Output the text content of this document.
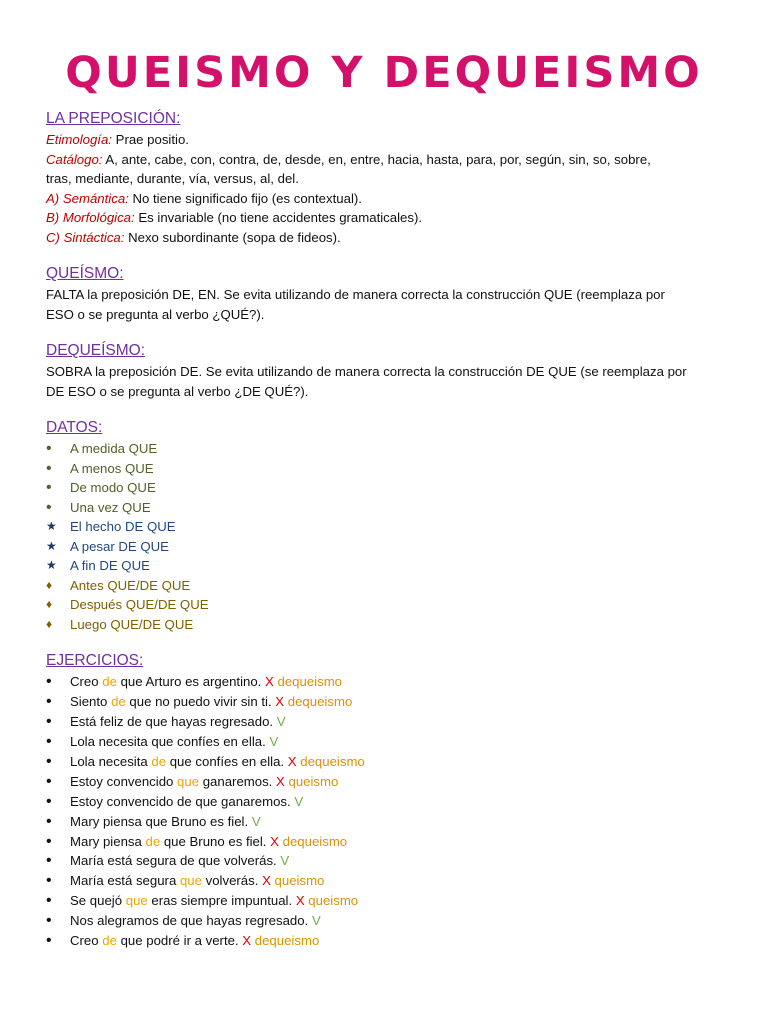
QUEISMO Y DEQUEISMO
LA PREPOSICIÓN:
Etimología: Prae positio.
Catálogo: A, ante, cabe, con, contra, de, desde, en, entre, hacia, hasta, para, por, según, sin, so, sobre,
tras, mediante, durante, vía, versus, al, del.
A) Semántica: No tiene significado fijo (es contextual).
B) Morfológica: Es invariable (no tiene accidentes gramaticales).
C) Sintáctica: Nexo subordinante (sopa de fideos).
QUEÍSMO:
FALTA la preposición DE, EN. Se evita utilizando de manera correcta la construcción QUE (reemplaza por
ESO o se pregunta al verbo ¿QUÉ?).
DEQUEÍSMO:
SOBRA la preposición DE. Se evita utilizando de manera correcta la construcción DE QUE (se reemplaza por
DE ESO o se pregunta al verbo ¿DE QUÉ?).
DATOS:
•	A medida QUE
•	A menos QUE
•	De modo QUE
•	Una vez QUE
★ El hecho DE QUE
★ A pesar DE QUE
★ A fin DE QUE
♦	Antes QUE/DE QUE
♦	Después QUE/DE QUE
♦	Luego QUE/DE QUE
EJERCICIOS:
•	Creo de que Arturo es argentino. X dequeismo
•	Siento de que no puedo vivir sin ti. X dequeismo
•	Está feliz de que hayas regresado. V
•	Lola necesita que confíes en ella. V
•	Lola necesita de que confíes en ella. X dequeismo
•	Estoy convencido que ganaremos. X queismo
•	Estoy convencido de que ganaremos. V
•	Mary piensa que Bruno es fiel. V
•	Mary piensa de que Bruno es fiel. X dequeismo
•	María está segura de que volverás. V
•	María está segura que volverás. X queismo
•	Se quejó que eras siempre impuntual. X queismo
•	Nos alegramos de que hayas regresado. V
•	Creo de que podré ir a verte. X dequeismo
